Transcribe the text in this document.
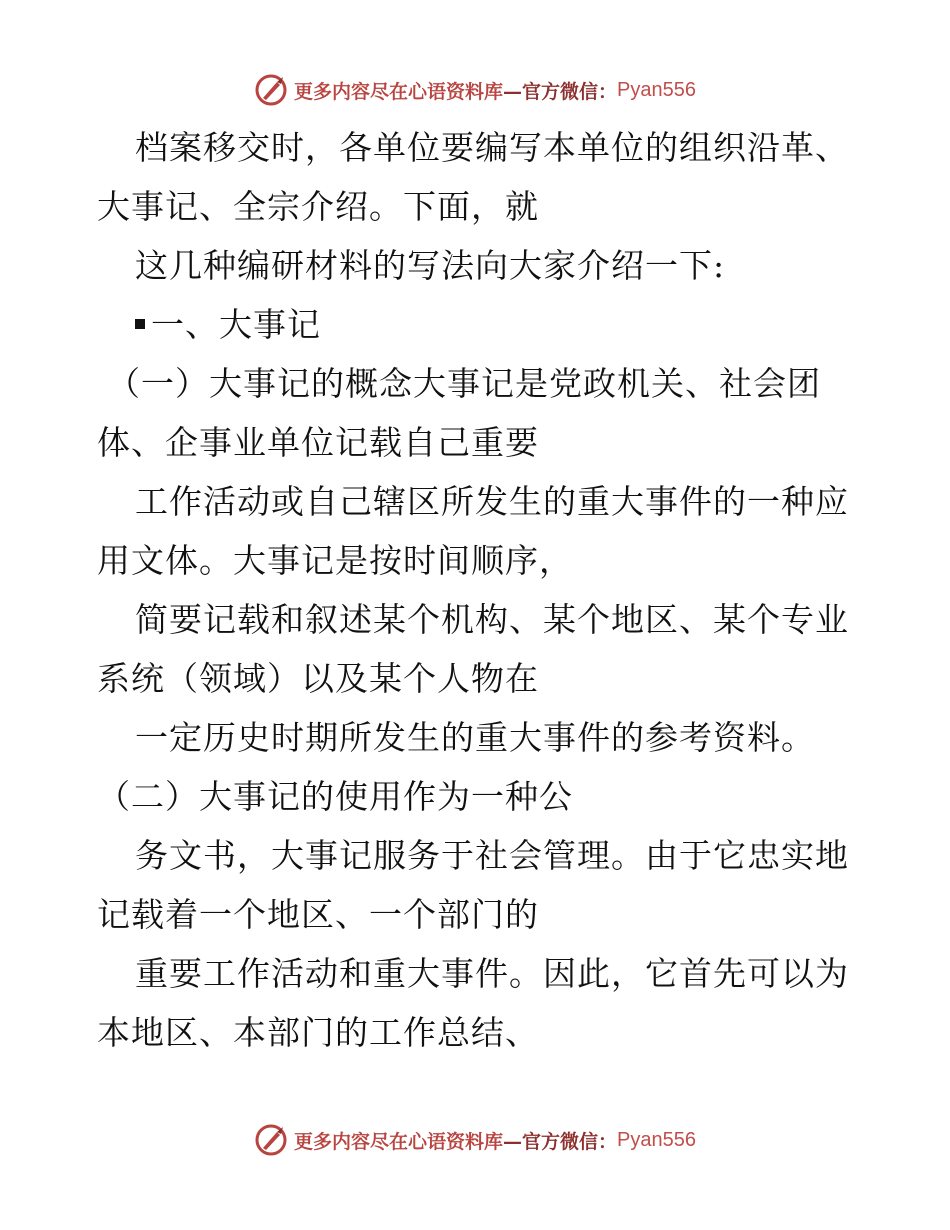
更多内容尽在心语资料库 —官方微信： Pyan556
档案移交时，各单位要编写本单位的组织沿革、
大事记、全宗介绍。下面，就
这几种编研材料的写法向大家介绍一下:
一、大事记
（一）大事记的概念大事记是党政机关、社会团
体、企事业单位记载自己重要
工作活动或自己辖区所发生的重大事件的一种应
用文体。大事记是按时间顺序，
简要记载和叙述某个机构、某个地区、某个专业
系统（领域）以及某个人物在
一定历史时期所发生的重大事件的参考资料。
（二）大事记的使用作为一种公
务文书，大事记服务于社会管理。由于它忠实地
记载着一个地区、一个部门的
重要工作活动和重大事件。因此，它首先可以为
本地区、本部门的工作总结、
更多内容尽在心语资料库 —官方微信： Pyan556
